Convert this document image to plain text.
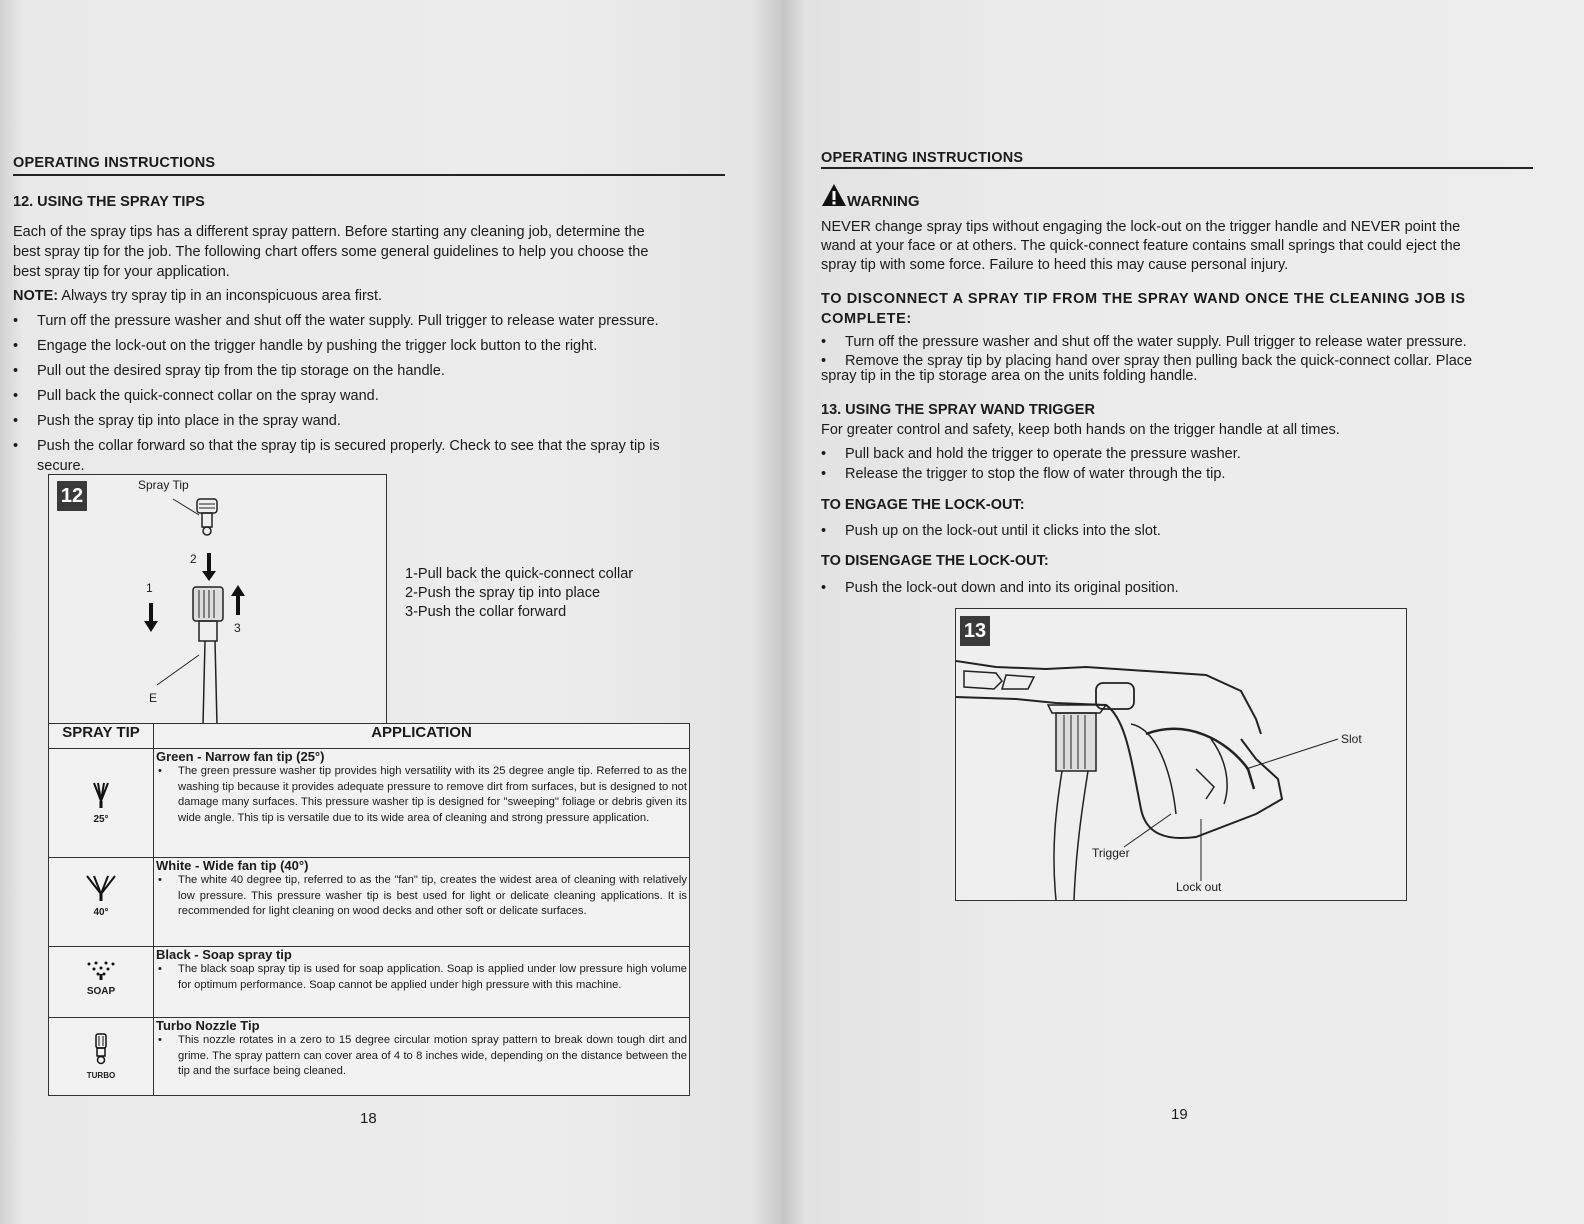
OPERATING INSTRUCTIONS
12. USING THE SPRAY TIPS
Each of the spray tips has a different spray pattern. Before starting any cleaning job, determine the
best spray tip for the job. The following chart offers some general guidelines to help you choose the
best spray tip for your application.
NOTE: Always try spray tip in an inconspicuous area first.
• Turn off the pressure washer and shut off the water supply. Pull trigger to release water pressure.
• Engage the lock-out on the trigger handle by pushing the trigger lock button to the right.
• Pull out the desired spray tip from the tip storage on the handle.
• Pull back the quick-connect collar on the spray wand.
• Push the spray tip into place in the spray wand.
• Push the collar forward so that the spray tip is secured properly. Check to see that the spray tip is
secure.
12	Spray Tip
2
1
3
E
1-Pull back the quick-connect collar
2-Push the spray tip into place
3-Push the collar forward
SPRAY TIP	APPLICATION

25°	Green - Narrow fan tip (25°)
• The green pressure washer tip provides high versatility with its 25 degree angle tip. Referred to as the washing tip because it provides adequate pressure to remove dirt from surfaces, but is designed to not damage many surfaces. This pressure washer tip is designed for "sweeping" foliage or debris given its wide angle. This tip is versatile due to its wide area of cleaning and strong pressure application.

40°	White - Wide fan tip (40°)
• The white 40 degree tip, referred to as the "fan" tip, creates the widest area of cleaning with relatively low pressure. This pressure washer tip is best used for light or delicate cleaning applications. It is recommended for light cleaning on wood decks and other soft or delicate surfaces.

SOAP	Black - Soap spray tip
• The black soap spray tip is used for soap application. Soap is applied under low pressure high volume for optimum performance. Soap cannot be applied under high pressure with this machine.

TURBO	Turbo Nozzle Tip
• This nozzle rotates in a zero to 15 degree circular motion spray pattern to break down tough dirt and grime. The spray pattern can cover area of 4 to 8 inches wide, depending on the distance between the tip and the surface being cleaned.
18
OPERATING INSTRUCTIONS
WARNING
NEVER change spray tips without engaging the lock-out on the trigger handle and NEVER point the
wand at your face or at others. The quick-connect feature contains small springs that could eject the
spray tip with some force. Failure to heed this may cause personal injury.
TO DISCONNECT A SPRAY TIP FROM THE SPRAY WAND ONCE THE CLEANING JOB IS
COMPLETE:
• Turn off the pressure washer and shut off the water supply. Pull trigger to release water pressure.
• Remove the spray tip by placing hand over spray then pulling back the quick-connect collar. Place
spray tip in the tip storage area on the units folding handle.
13. USING THE SPRAY WAND TRIGGER
For greater control and safety, keep both hands on the trigger handle at all times.
• Pull back and hold the trigger to operate the pressure washer.
• Release the trigger to stop the flow of water through the tip.
TO ENGAGE THE LOCK-OUT:
• Push up on the lock-out until it clicks into the slot.
TO DISENGAGE THE LOCK-OUT:
• Push the lock-out down and into its original position.
13
Slot
Trigger
Lock out
19
